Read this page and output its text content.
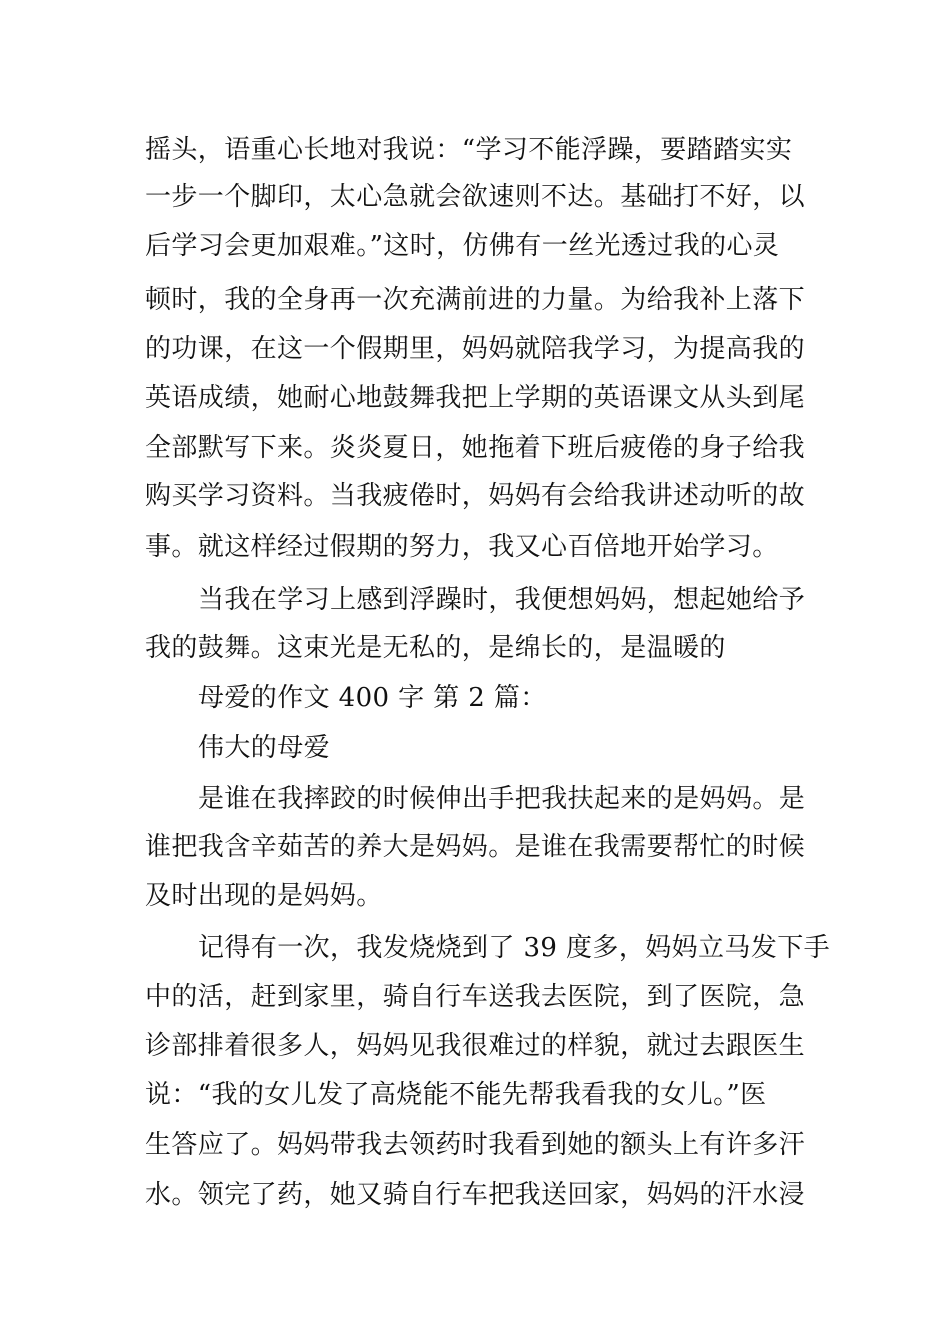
摇头，语重心长地对我说：“学习不能浮躁，要踏踏实实
一步一个脚印，太心急就会欲速则不达。基础打不好，以
后学习会更加艰难。”这时，仿佛有一丝光透过我的心灵
顿时，我的全身再一次充满前进的力量。为给我补上落下
的功课，在这一个假期里，妈妈就陪我学习，为提高我的
英语成绩，她耐心地鼓舞我把上学期的英语课文从头到尾
全部默写下来。炎炎夏日，她拖着下班后疲倦的身子给我
购买学习资料。当我疲倦时，妈妈有会给我讲述动听的故
事。就这样经过假期的努力，我又心百倍地开始学习。
当我在学习上感到浮躁时，我便想妈妈，想起她给予
我的鼓舞。这束光是无私的，是绵长的，是温暖的
母爱的作文 400 字 第 2 篇：
伟大的母爱
是谁在我摔跤的时候伸出手把我扶起来的是妈妈。是
谁把我含辛茹苦的养大是妈妈。是谁在我需要帮忙的时候
及时出现的是妈妈。
记得有一次，我发烧烧到了 39 度多，妈妈立马发下手
中的活，赶到家里，骑自行车送我去医院，到了医院，急
诊部排着很多人，妈妈见我很难过的样貌，就过去跟医生
说：“我的女儿发了高烧能不能先帮我看我的女儿。”医
生答应了。妈妈带我去领药时我看到她的额头上有许多汗
水。领完了药，她又骑自行车把我送回家，妈妈的汗水浸
